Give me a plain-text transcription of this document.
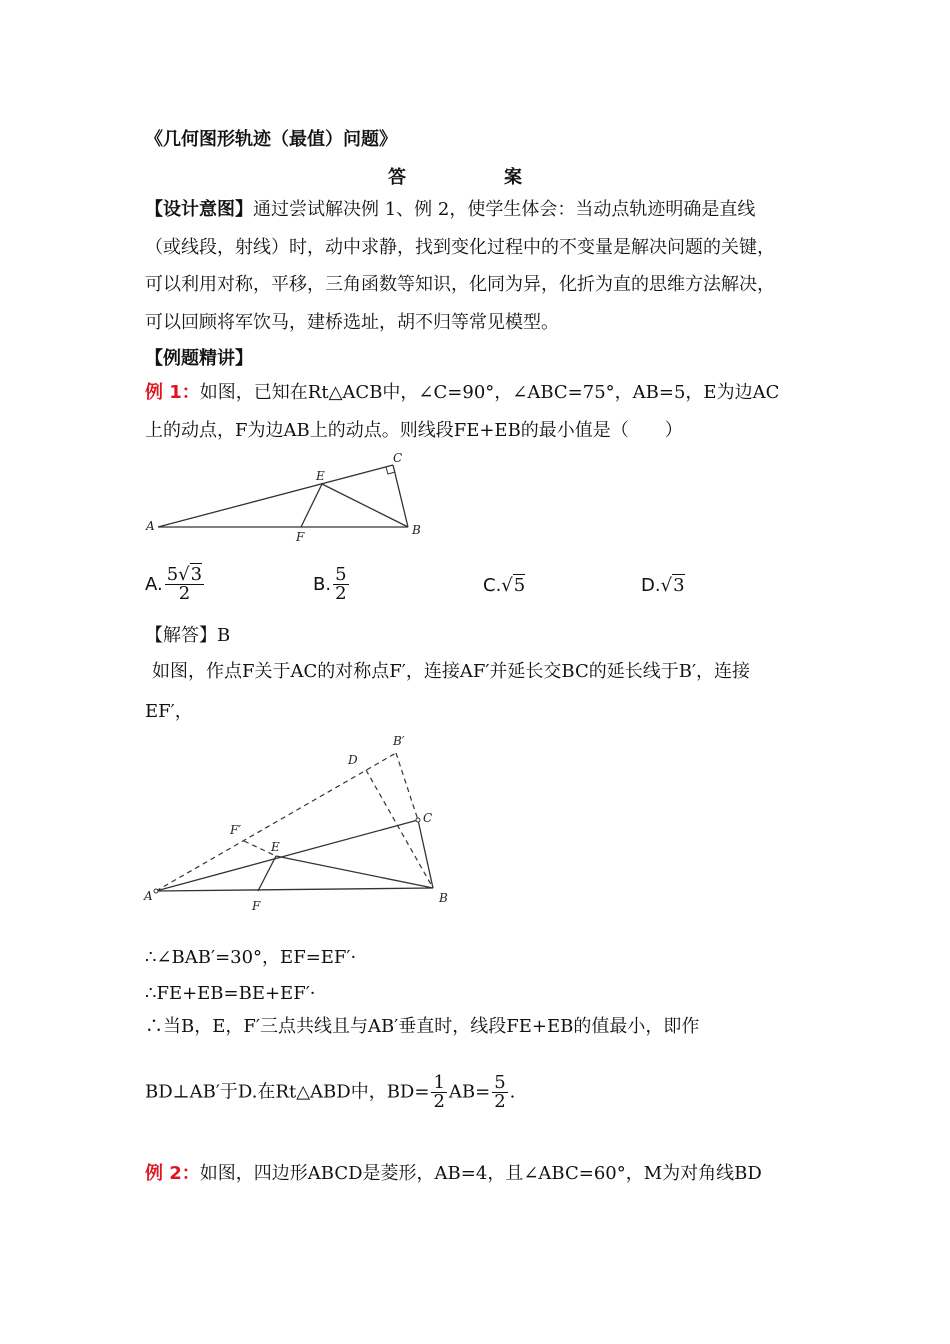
《几何图形轨迹（最值）问题》
答　案
【设计意图】通过尝试解决例 1、例 2，使学生体会：当动点轨迹明确是直线
（或线段，射线）时，动中求静，找到变化过程中的不变量是解决问题的关键，
可以利用对称，平移，三角函数等知识，化同为异，化折为直的思维方法解决，
可以回顾将军饮马，建桥选址，胡不归等常见模型。
【例题精讲】
例 1：如图，已知在Rt△ACB中，∠C=90°，∠ABC=75°，AB=5，E为边AC
上的动点，F为边AB上的动点。则线段FE+EB的最小值是（　　）
A	B
C
E
F
A. $\frac{5√3}{2}$	B. $\frac{5}{2}$	C.√5	D.√3
【解答】B
如图，作点F关于AC的对称点F′，连接AF′并延长交BC的延长线于B′，连接
EF′，
A	B
C
D
E
F
F′
B′
∴∠BAB′=30°，EF=EF′·
∴FE+EB=BE+EF′·
∴当B，E，F′三点共线且与AB′垂直时，线段FE+EB的值最小，即作
BD⊥AB′于D.在Rt△ABD中，$BD= \frac{1}{2} AB= \frac{5}{2}$ .
例 2：如图，四边形ABCD是菱形，AB=4，且∠ABC=60°，M为对角线BD
